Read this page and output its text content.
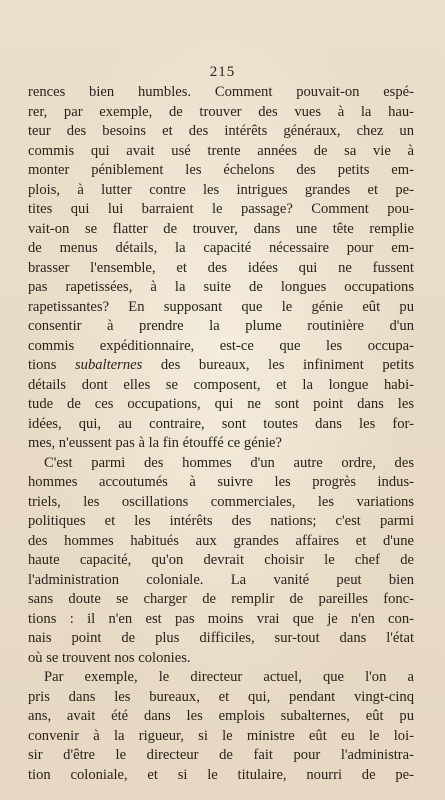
215
rences bien humbles. Comment pouvait-on espé-
rer, par exemple, de trouver des vues à la hau-
teur des besoins et des intérêts généraux, chez un
commis qui avait usé trente années de sa vie à
monter péniblement les échelons des petits em-
plois, à lutter contre les intrigues grandes et pe-
tites qui lui barraient le passage? Comment pou-
vait-on se flatter de trouver, dans une tête remplie
de menus détails, la capacité nécessaire pour em-
brasser l'ensemble, et des idées qui ne fussent
pas rapetissées, à la suite de longues occupations
rapetissantes? En supposant que le génie eût pu
consentir à prendre la plume routinière d'un
commis expéditionnaire, est-ce que les occupa-
tions subalternes des bureaux, les infiniment petits
détails dont elles se composent, et la longue habi-
tude de ces occupations, qui ne sont point dans les
idées, qui, au contraire, sont toutes dans les for-
mes, n'eussent pas à la fin étouffé ce génie?
C'est parmi des hommes d'un autre ordre, des
hommes accoutumés à suivre les progrès indus-
triels, les oscillations commerciales, les variations
politiques et les intérêts des nations; c'est parmi
des hommes habitués aux grandes affaires et d'une
haute capacité, qu'on devrait choisir le chef de
l'administration coloniale. La vanité peut bien
sans doute se charger de remplir de pareilles fonc-
tions : il n'en est pas moins vrai que je n'en con-
nais point de plus difficiles, sur-tout dans l'état
où se trouvent nos colonies.
Par exemple, le directeur actuel, que l'on a
pris dans les bureaux, et qui, pendant vingt-cinq
ans, avait été dans les emplois subalternes, eût pu
convenir à la rigueur, si le ministre eût eu le loi-
sir d'être le directeur de fait pour l'administra-
tion coloniale, et si le titulaire, nourri de pe-
